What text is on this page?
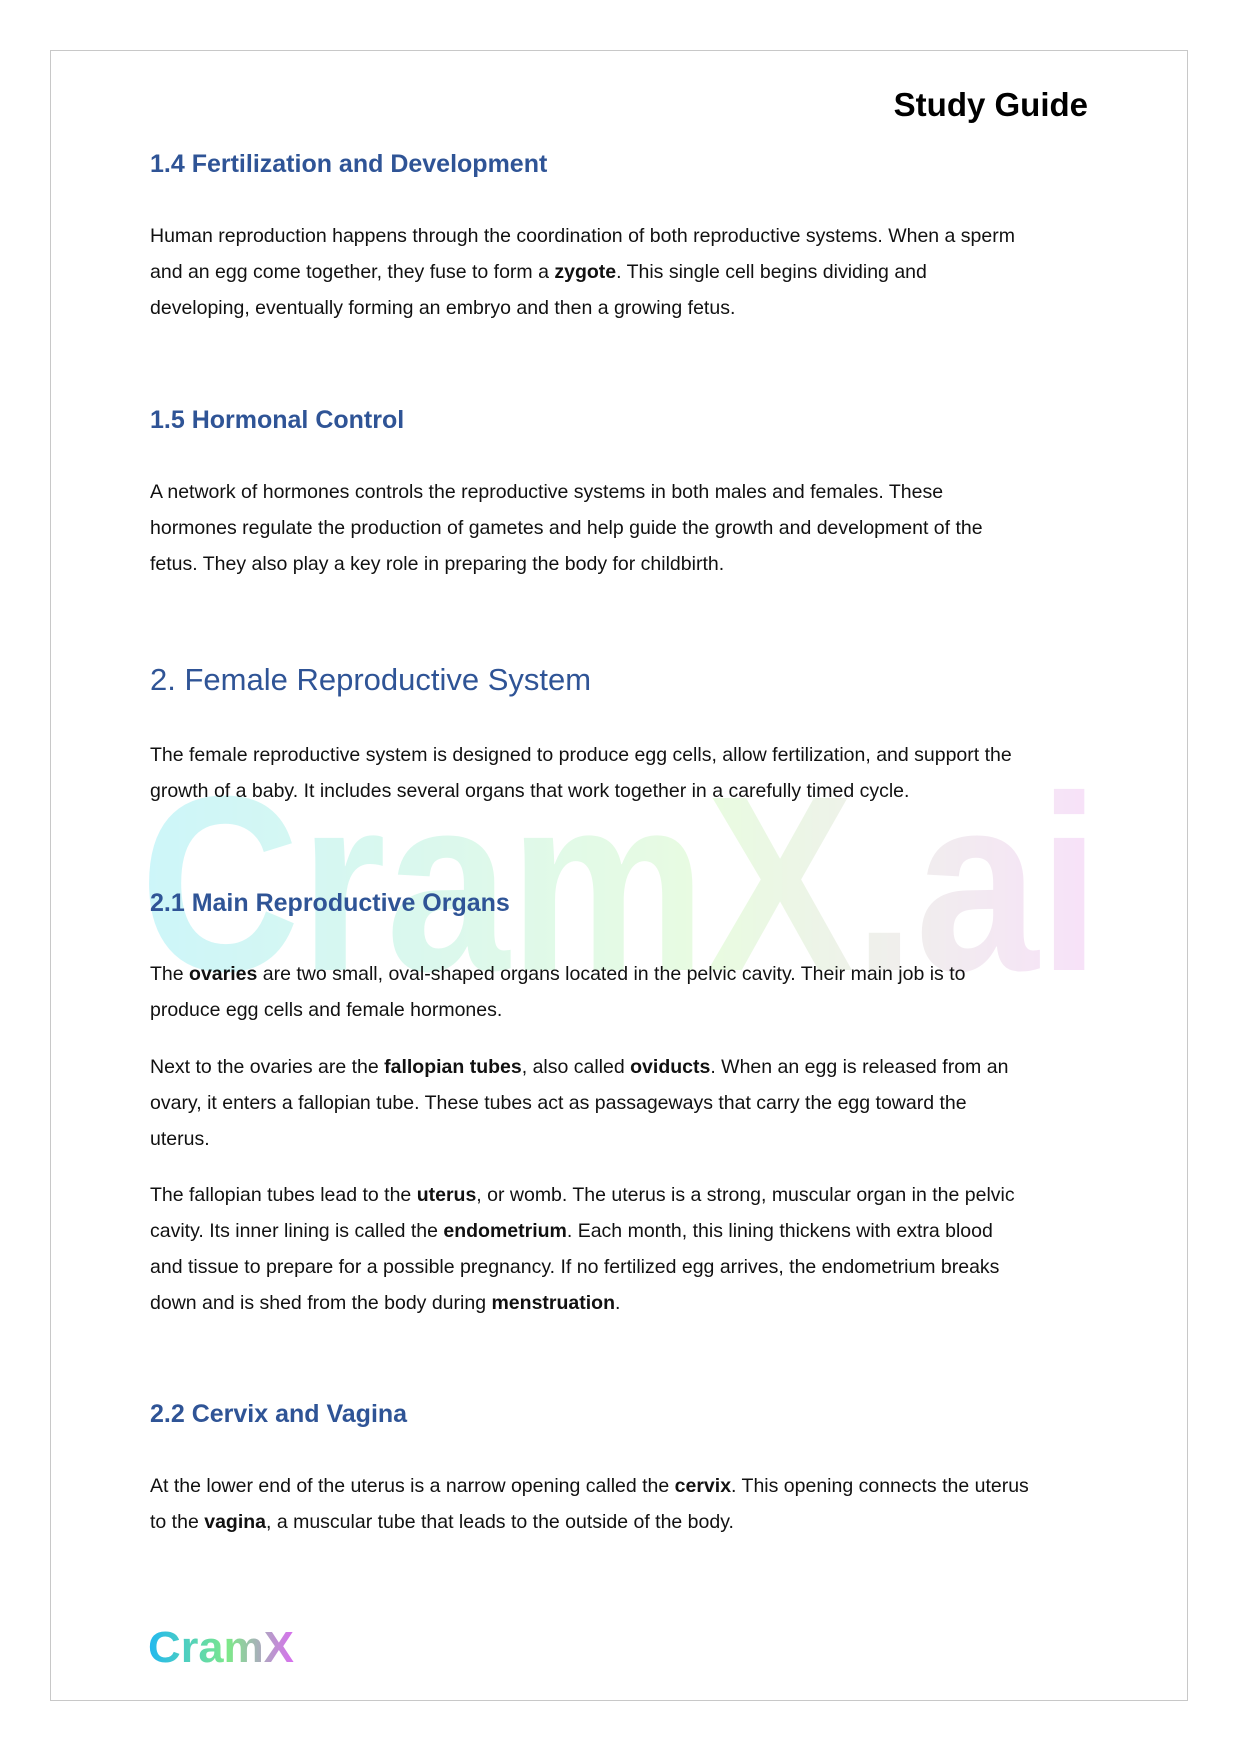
CramX.ai
Study Guide
1.4 Fertilization and Development
Human reproduction happens through the coordination of both reproductive systems. When a sperm
and an egg come together, they fuse to form a zygote. This single cell begins dividing and
developing, eventually forming an embryo and then a growing fetus.
1.5 Hormonal Control
A network of hormones controls the reproductive systems in both males and females. These
hormones regulate the production of gametes and help guide the growth and development of the
fetus. They also play a key role in preparing the body for childbirth.
2. Female Reproductive System
The female reproductive system is designed to produce egg cells, allow fertilization, and support the
growth of a baby. It includes several organs that work together in a carefully timed cycle.
2.1 Main Reproductive Organs
The ovaries are two small, oval-shaped organs located in the pelvic cavity. Their main job is to
produce egg cells and female hormones.
Next to the ovaries are the fallopian tubes, also called oviducts. When an egg is released from an
ovary, it enters a fallopian tube. These tubes act as passageways that carry the egg toward the
uterus.
The fallopian tubes lead to the uterus, or womb. The uterus is a strong, muscular organ in the pelvic
cavity. Its inner lining is called the endometrium. Each month, this lining thickens with extra blood
and tissue to prepare for a possible pregnancy. If no fertilized egg arrives, the endometrium breaks
down and is shed from the body during menstruation.
2.2 Cervix and Vagina
At the lower end of the uterus is a narrow opening called the cervix. This opening connects the uterus
to the vagina, a muscular tube that leads to the outside of the body.
CramX
